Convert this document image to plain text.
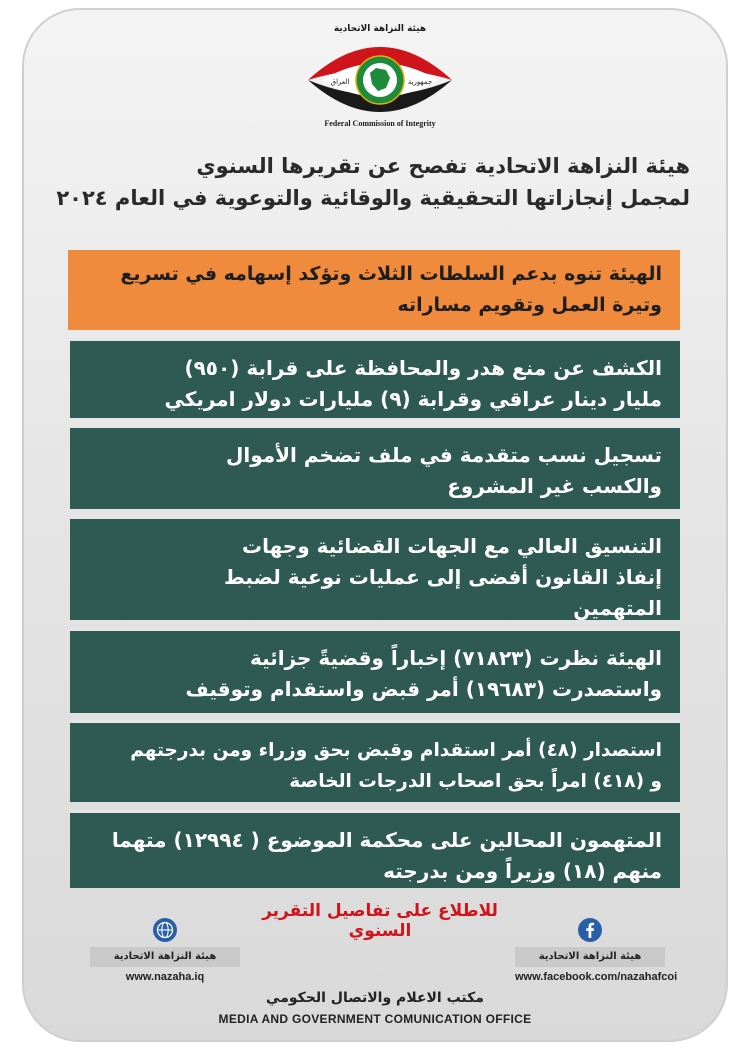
هيئة النزاهة الاتحادية
العراق	جمهورية
Federal Commission of Integrity
هيئة النزاهة الاتحادية تفصح عن تقريرها السنوي
لمجمل إنجازاتها التحقيقية والوقائية والتوعوية في العام ٢٠٢٤
الهيئة تنوه بدعم السلطات الثلاث وتؤكد إسهامه في تسريع
وتيرة العمل وتقويم مساراته
الكشف عن منع هدر والمحافظة على قرابة (٩٥٠)
مليار دينار عراقي وقرابة (٩) مليارات دولار امريكي
تسجيل نسب متقدمة في ملف تضخم الأموال
والكسب غير المشروع
التنسيق العالي مع الجهات القضائية وجهات
إنفاذ القانون أفضى إلى عمليات نوعية لضبط
المتهمين
الهيئة نظرت (٧١٨٢٣) إخباراً وقضيةً جزائية
واستصدرت (١٩٦٨٣) أمر قبض واستقدام وتوقيف
استصدار (٤٨) أمر استقدام وقبض بحق وزراء ومن بدرجتهم
و (٤١٨) امراً بحق اصحاب الدرجات الخاصة
المتهمون المحالين على محكمة الموضوع ( ١٢٩٩٤) متهما
منهم (١٨) وزيراً ومن بدرجته
للاطلاع على تفاصيل التقرير السنوي
هيئة النزاهة الاتحادية
www.nazaha.iq
هيئة النزاهة الاتحادية
www.facebook.com/nazahafcoi
مكتب الاعلام والاتصال الحكومي
MEDIA AND GOVERNMENT COMUNICATION OFFICE
